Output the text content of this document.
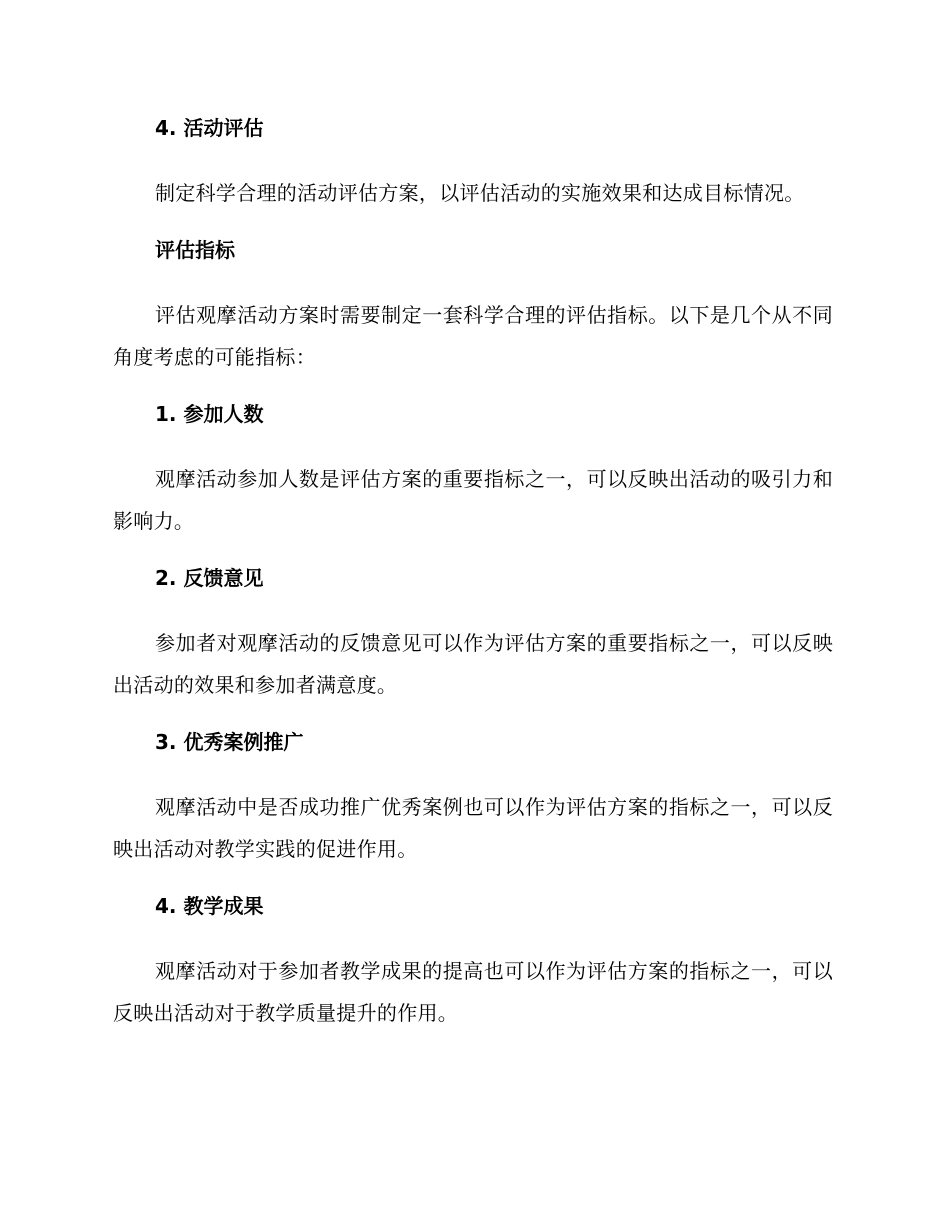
4. 活动评估

制定科学合理的活动评估方案，以评估活动的实施效果和达成目标情况。

评估指标

评估观摩活动方案时需要制定一套科学合理的评估指标。以下是几个从不同角度考虑的可能指标：

1. 参加人数

观摩活动参加人数是评估方案的重要指标之一，可以反映出活动的吸引力和影响力。

2. 反馈意见

参加者对观摩活动的反馈意见可以作为评估方案的重要指标之一，可以反映出活动的效果和参加者满意度。

3. 优秀案例推广

观摩活动中是否成功推广优秀案例也可以作为评估方案的指标之一，可以反映出活动对教学实践的促进作用。

4. 教学成果

观摩活动对于参加者教学成果的提高也可以作为评估方案的指标之一，可以反映出活动对于教学质量提升的作用。
